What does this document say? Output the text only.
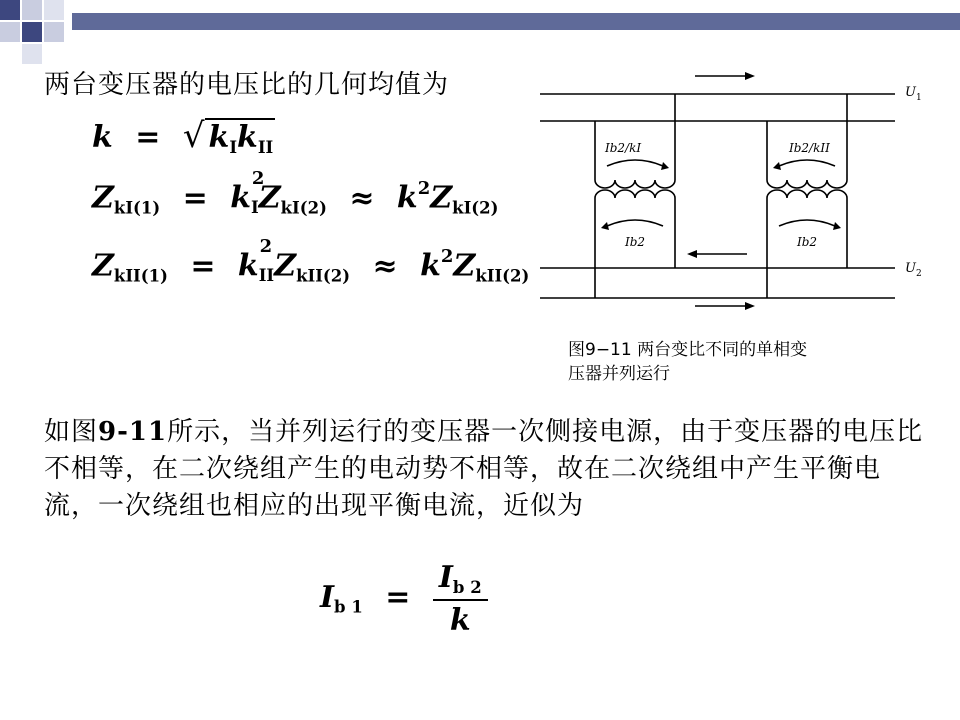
两台变压器的电压比的几何均值为
k = √ $k_Ik_{II}$
$Z_{kI(1)} = k$
2
$IZ_{kI(2)} \approx k^2Z_{kI(2)}$
$Z_{kII(1)} = k$
2
$IIZ_{kII(2)} \approx k^2Z_{kII(2)}$
$U_1$
$U_2$
Ib2/kI	Ib2/kII
Ib2	Ib2
图9−11 两台变比不同的单相变
压器并列运行
如图9-11所示，当并列运行的变压器一次侧接电源，由于变压器的电压比不相等，在二次绕组产生的电动势不相等，故在二次绕组中产生平衡电流，一次绕组也相应的出现平衡电流，近似为
$I_{b 1} = \frac{I_{b 2}}{k}$
